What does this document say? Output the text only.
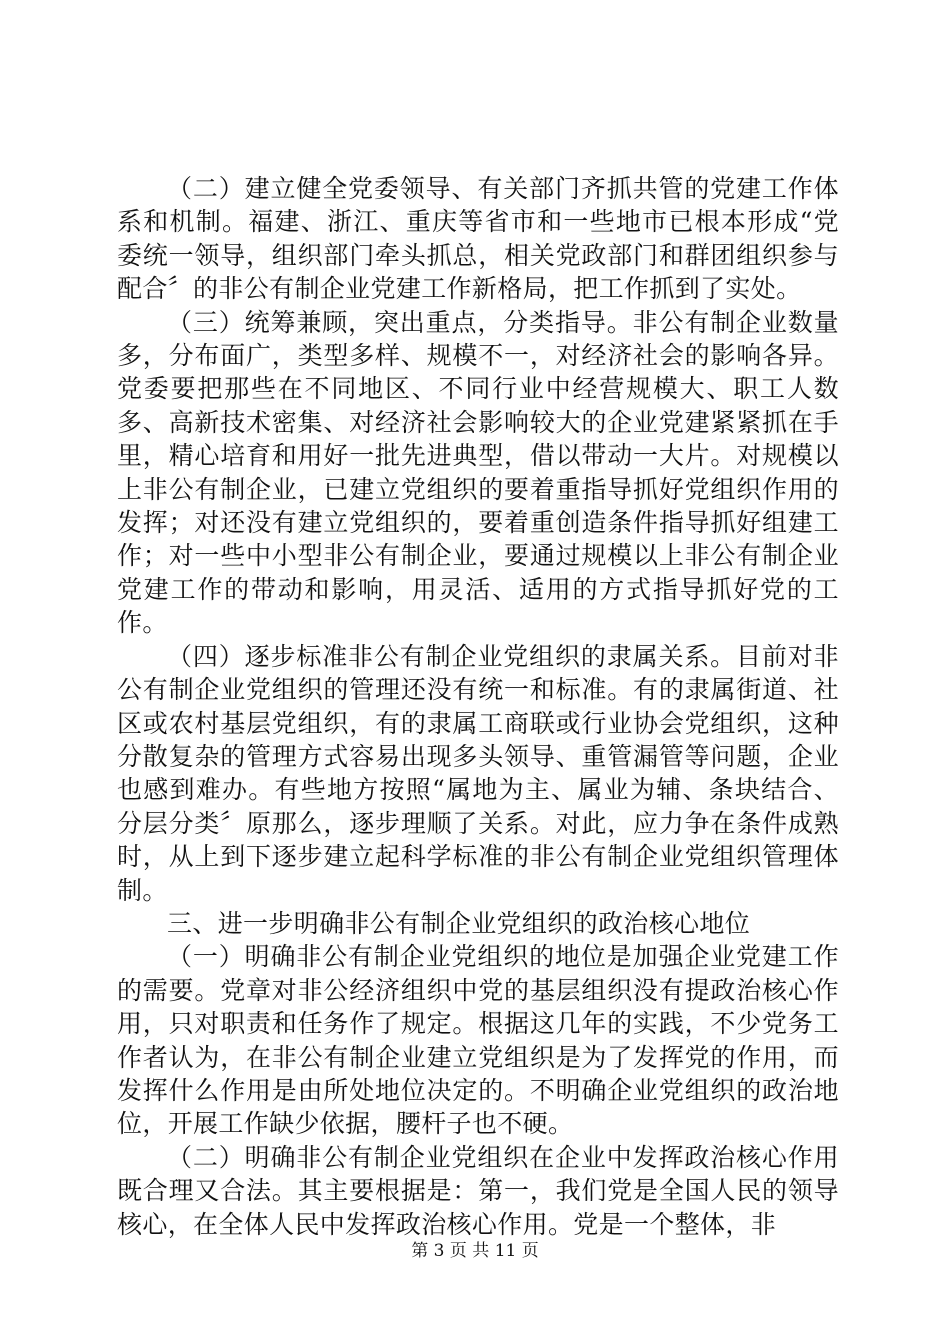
（二）建立健全党委领导、有关部门齐抓共管的党建工作体系和机制。福建、浙江、重庆等省市和一些地市已根本形成“党委统一领导，组织部门牵头抓总，相关党政部门和群团组织参与配合〞的非公有制企业党建工作新格局，把工作抓到了实处。

（三）统筹兼顾，突出重点，分类指导。非公有制企业数量多，分布面广，类型多样、规模不一，对经济社会的影响各异。党委要把那些在不同地区、不同行业中经营规模大、职工人数多、高新技术密集、对经济社会影响较大的企业党建紧紧抓在手里，精心培育和用好一批先进典型，借以带动一大片。对规模以上非公有制企业，已建立党组织的要着重指导抓好党组织作用的发挥；对还没有建立党组织的，要着重创造条件指导抓好组建工作；对一些中小型非公有制企业，要通过规模以上非公有制企业党建工作的带动和影响，用灵活、适用的方式指导抓好党的工作。

（四）逐步标准非公有制企业党组织的隶属关系。目前对非公有制企业党组织的管理还没有统一和标准。有的隶属街道、社区或农村基层党组织，有的隶属工商联或行业协会党组织，这种分散复杂的管理方式容易出现多头领导、重管漏管等问题，企业也感到难办。有些地方按照“属地为主、属业为辅、条块结合、分层分类〞原那么，逐步理顺了关系。对此，应力争在条件成熟时，从上到下逐步建立起科学标准的非公有制企业党组织管理体制。

三、进一步明确非公有制企业党组织的政治核心地位

（一）明确非公有制企业党组织的地位是加强企业党建工作的需要。党章对非公经济组织中党的基层组织没有提政治核心作用，只对职责和任务作了规定。根据这几年的实践，不少党务工作者认为，在非公有制企业建立党组织是为了发挥党的作用，而发挥什么作用是由所处地位决定的。不明确企业党组织的政治地位，开展工作缺少依据，腰杆子也不硬。

（二）明确非公有制企业党组织在企业中发挥政治核心作用既合理又合法。其主要根据是：第一，我们党是全国人民的领导核心，在全体人民中发挥政治核心作用。党是一个整体，非

第 3 页 共 11 页
